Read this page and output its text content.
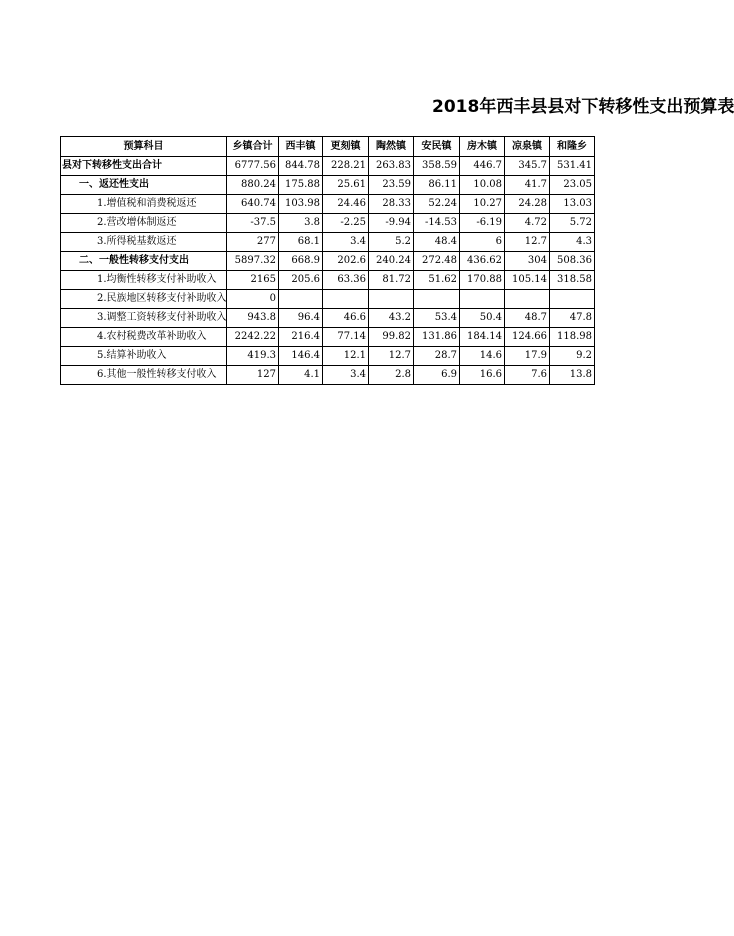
2018年西丰县县对下转移性支出预算表
预算科目	乡镇合计	西丰镇	更刻镇	陶然镇	安民镇	房木镇	凉泉镇	和隆乡
县对下转移性支出合计	6777.56	844.78	228.21	263.83	358.59	446.7	345.7	531.41
一、返还性支出	880.24	175.88	25.61	23.59	86.11	10.08	41.7	23.05
1.增值税和消费税返还	640.74	103.98	24.46	28.33	52.24	10.27	24.28	13.03
2.营改增体制返还	-37.5	3.8	-2.25	-9.94	-14.53	-6.19	4.72	5.72
3.所得税基数返还	277	68.1	3.4	5.2	48.4	6	12.7	4.3
二、一般性转移支付支出	5897.32	668.9	202.6	240.24	272.48	436.62	304	508.36
1.均衡性转移支付补助收入	2165	205.6	63.36	81.72	51.62	170.88	105.14	318.58
2.民族地区转移支付补助收入	0							
3.调整工资转移支付补助收入	943.8	96.4	46.6	43.2	53.4	50.4	48.7	47.8
4.农村税费改革补助收入	2242.22	216.4	77.14	99.82	131.86	184.14	124.66	118.98
5.结算补助收入	419.3	146.4	12.1	12.7	28.7	14.6	17.9	9.2
6.其他一般性转移支付收入	127	4.1	3.4	2.8	6.9	16.6	7.6	13.8
